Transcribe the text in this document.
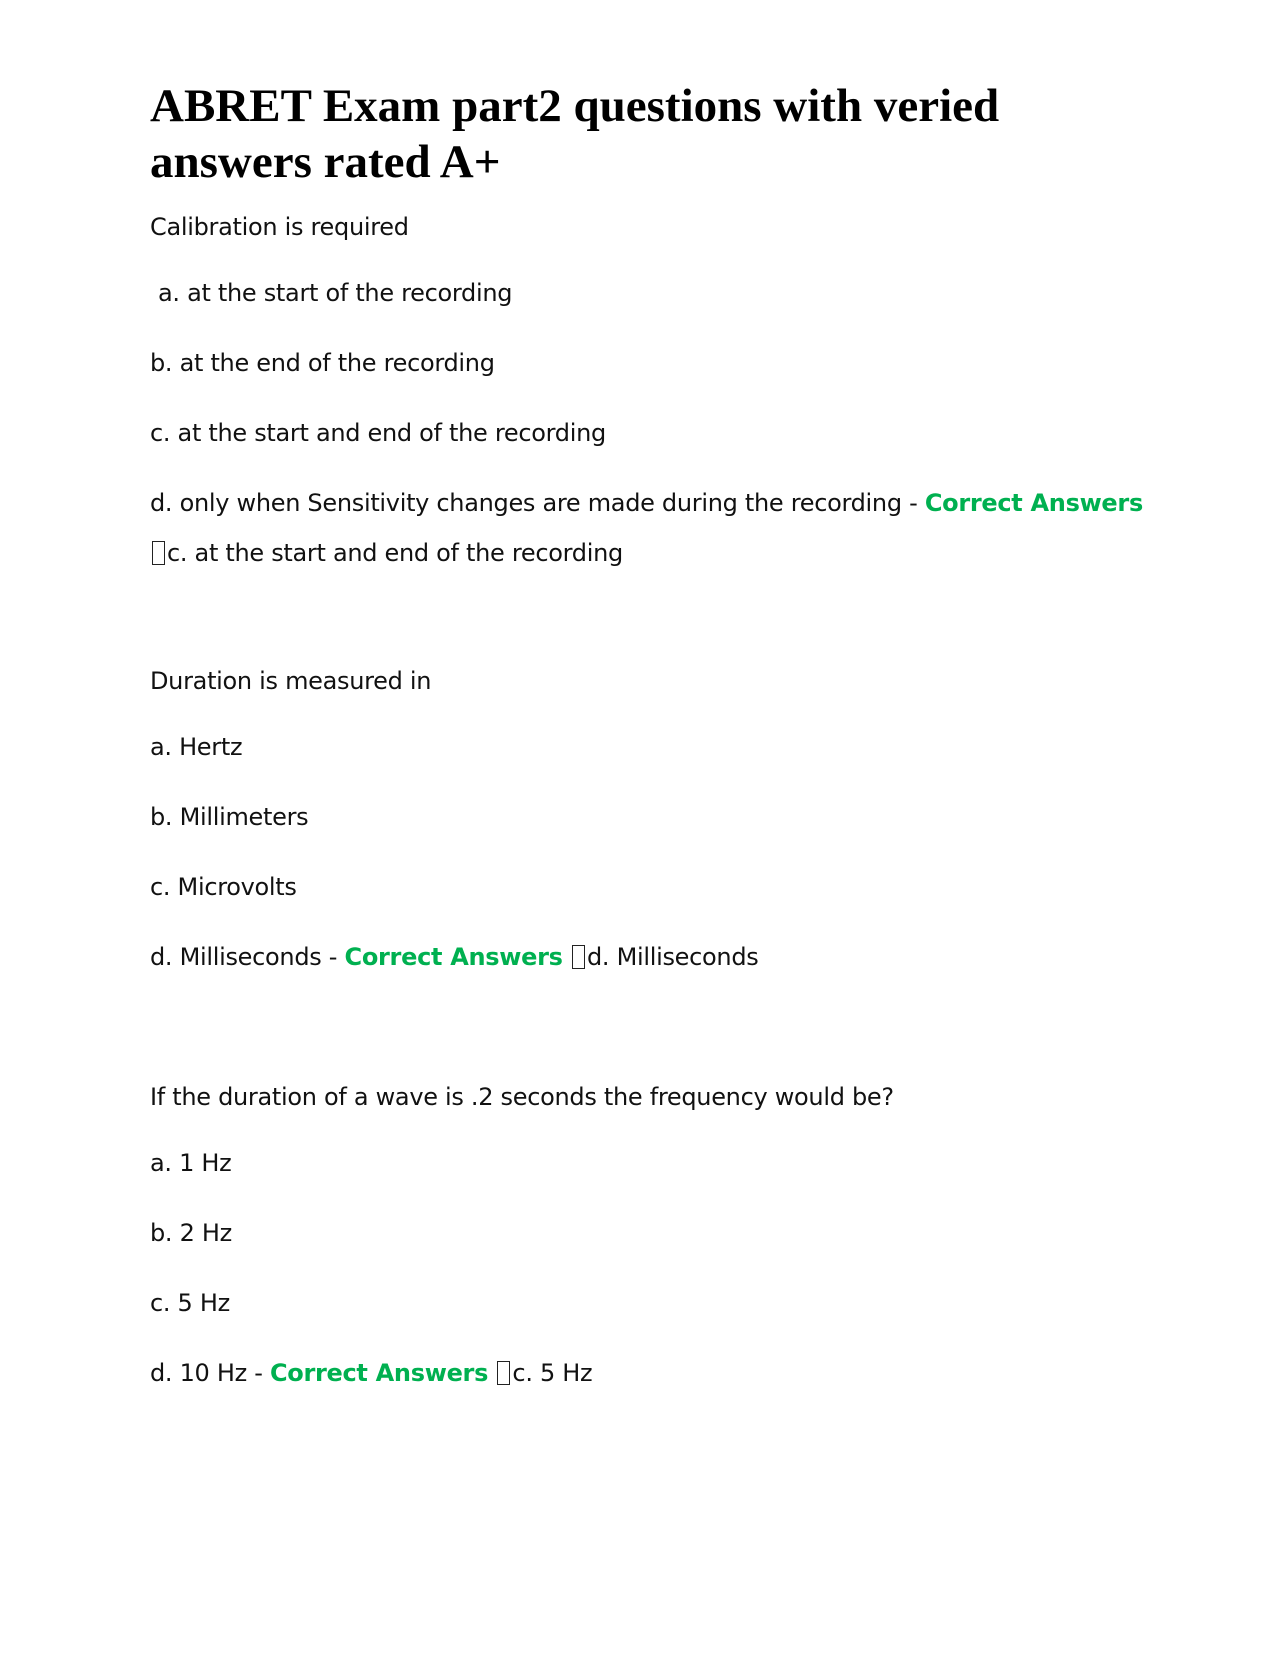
ABRET Exam part2 questions with veried answers rated A+

Calibration is required

a. at the start of the recording

b. at the end of the recording

c. at the start and end of the recording

d. only when Sensitivity changes are made during the recording - Correct Answers

c. at the start and end of the recording

Duration is measured in

a. Hertz

b. Millimeters

c. Microvolts

d. Milliseconds - Correct Answers d. Milliseconds

If the duration of a wave is .2 seconds the frequency would be?

a. 1 Hz

b. 2 Hz

c. 5 Hz

d. 10 Hz - Correct Answers c. 5 Hz
